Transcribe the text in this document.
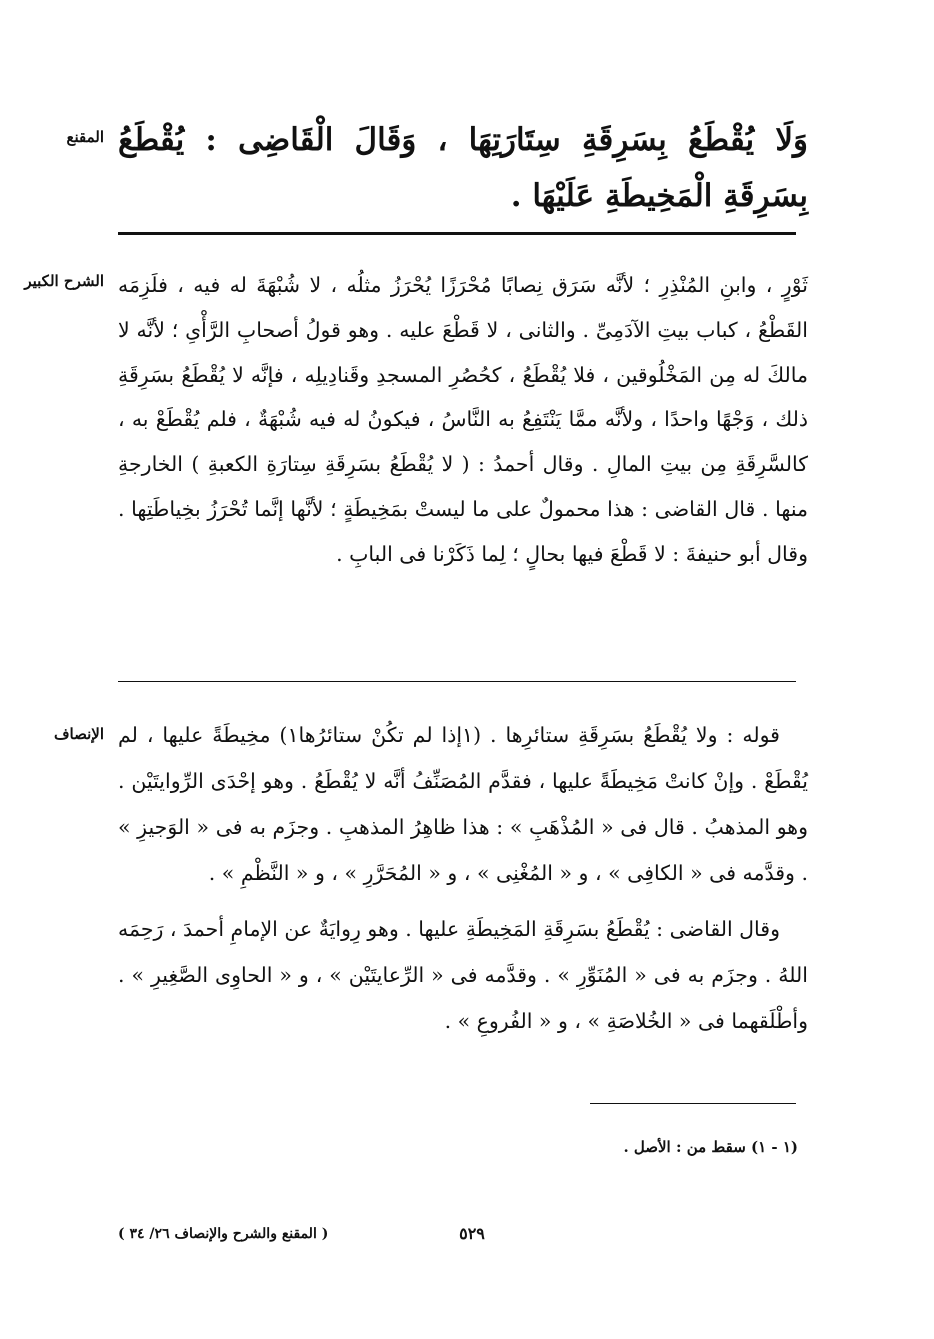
المقنع وَلَا يُقْطَعُ بِسَرِقَةِ سِتَارَتِهَا ، وَقَالَ الْقَاضِى : يُقْطَعُ بِسَرِقَةِ الْمَخِيطَةِ عَلَيْهَا .
الشرح الكبير ثَوْرٍ ، وابنِ المُنْذِرِ ؛ لأنَّه سَرَق نِصابًا مُحْرَزًا يُحْرَزُ مثلُه ، لا شُبْهَةَ له فيه ، فلَزِمَه القَطْعُ ، كباب بيتِ الآدَمِىِّ . والثانى ، لا قَطْعَ عليه . وهو قولُ أصحابِ الرَّأْىِ ؛ لأنَّه لا مالكَ له مِن المَخْلُوقين ، فلا يُقْطَعُ ، كحُصُرِ المسجدِ وقَنادِيلِه ، فإنَّه لا يُقْطَعُ بسَرِقَةِ ذلك ، وَجْهًا واحدًا ، ولأنَّه ممَّا يَنْتَفِعُ به النَّاسُ ، فيكونُ له فيه شُبْهَةٌ ، فلم يُقْطَعْ به ، كالسَّرِقَةِ مِن بيتِ المالِ . وقال أحمدُ : ( لا يُقْطَعُ بسَرِقَةِ سِتارَةِ الكعبةِ ) الخارجةِ منها . قال القاضى : هذا محمولٌ على ما ليستْ بمَخِيطَةٍ ؛ لأنَّها إنَّما تُحْرَزُ بخِياطَتِها . وقال أبو حنيفةَ : لا قَطْعَ فيها بحالٍ ؛ لِما ذَكَرْنا فى البابِ .
الإنصاف قوله : ولا يُقْطَعُ بسَرِقَةِ ستائرِها . (١إذا لم تكُنْ ستائرُها١) مخِيطَةً عليها ، لم يُقْطَعْ . وإنْ كانتْ مَخِيطَةً عليها ، فقدَّم المُصَنِّفُ أنَّه لا يُقْطَعُ . وهو إحْدَى الرِّوايتَيْن . وهو المذهبُ . قال فى « المُذْهَبِ » : هذا ظاهِرُ المذهبِ . وجزَم به فى « الوَجيزِ » . وقدَّمه فى « الكافِى » ، و « المُغْنِى » ، و « المُحَرَّرِ » ، و « النَّظْمِ » .

وقال القاضى : يُقْطَعُ بسَرِقَةِ المَخِيطَةِ عليها . وهو رِوايَةٌ عن الإمامِ أحمدَ ، رَحِمَه اللهُ . وجزَم به فى « المُنَوِّرِ » . وقدَّمه فى « الرِّعايتَيْن » ، و « الحاوِى الصَّغِيرِ » . وأطْلَقهما فى « الخُلاصَةِ » ، و « الفُروعِ » .

(١ - ١) سقط من : الأصل .
٥٢٩
( المقنع والشرح والإنصاف ٢٦/ ٣٤ )
